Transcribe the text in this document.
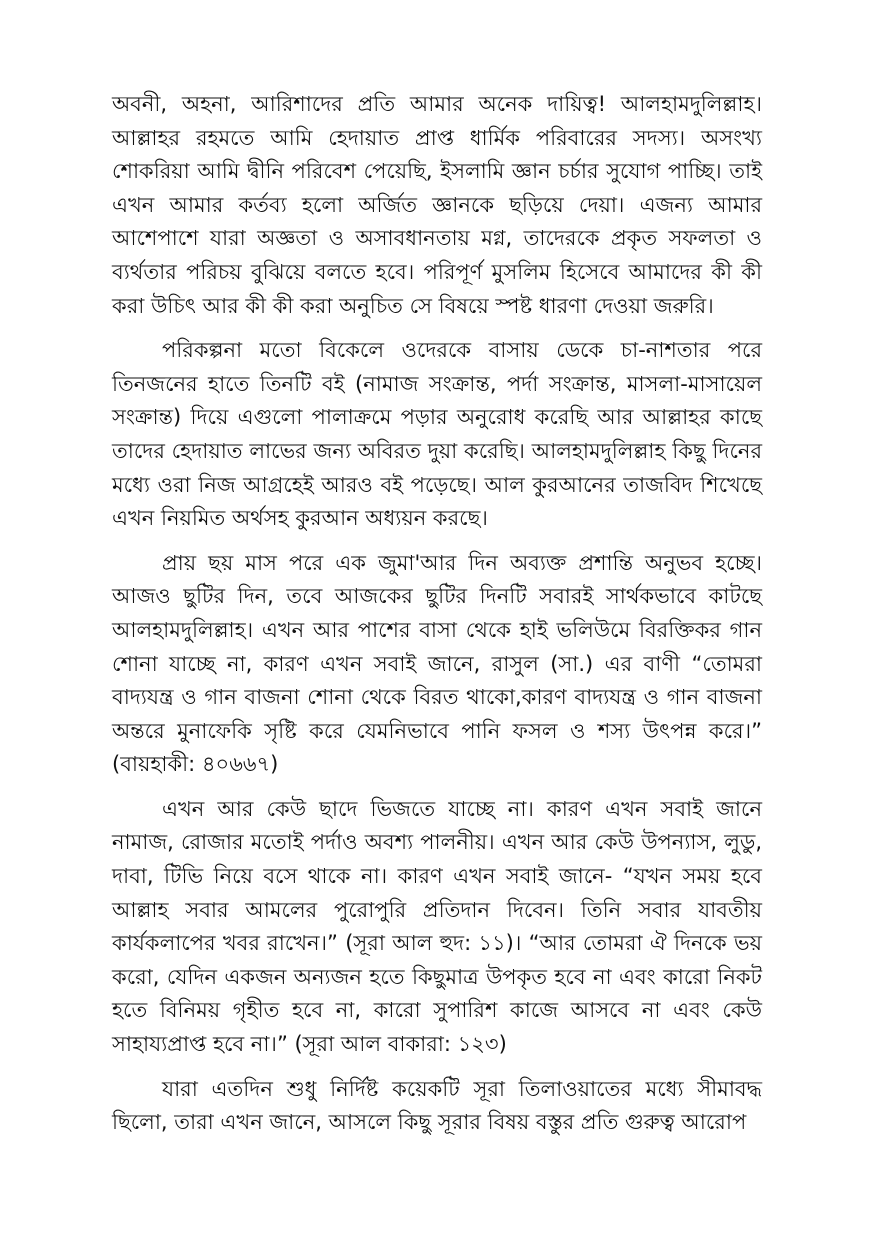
অবনী, অহনা, আরিশাদের প্রতি আমার অনেক দায়িত্ব! আলহামদুলিল্লাহ। আল্লাহর রহমতে আমি হেদায়াত প্রাপ্ত ধার্মিক পরিবারের সদস্য। অসংখ্য শোকরিয়া আমি দ্বীনি পরিবেশ পেয়েছি, ইসলামি জ্ঞান চর্চার সুযোগ পাচ্ছি। তাই এখন আমার কর্তব্য হলো অর্জিত জ্ঞানকে ছড়িয়ে দেয়া। এজন্য আমার আশেপাশে যারা অজ্ঞতা ও অসাবধানতায় মগ্ন, তাদেরকে প্রকৃত সফলতা ও ব্যর্থতার পরিচয় বুঝিয়ে বলতে হবে। পরিপূর্ণ মুসলিম হিসেবে আমাদের কী কী করা উচিৎ আর কী কী করা অনুচিত সে বিষয়ে স্পষ্ট ধারণা দেওয়া জরুরি।

পরিকল্পনা মতো বিকেলে ওদেরকে বাসায় ডেকে চা-নাশতার পরে তিনজনের হাতে তিনটি বই (নামাজ সংক্রান্ত, পর্দা সংক্রান্ত, মাসলা-মাসায়েল সংক্রান্ত) দিয়ে এগুলো পালাক্রমে পড়ার অনুরোধ করেছি আর আল্লাহর কাছে তাদের হেদায়াত লাভের জন্য অবিরত দুয়া করেছি। আলহামদুলিল্লাহ কিছু দিনের মধ্যে ওরা নিজ আগ্রহেই আরও বই পড়েছে। আল কুরআনের তাজবিদ শিখেছে এখন নিয়মিত অর্থসহ কুরআন অধ্যয়ন করছে।

প্রায় ছয় মাস পরে এক জুমা'আর দিন অব্যক্ত প্রশান্তি অনুভব হচ্ছে। আজও ছুটির দিন, তবে আজকের ছুটির দিনটি সবারই সার্থকভাবে কাটছে আলহামদুলিল্লাহ। এখন আর পাশের বাসা থেকে হাই ভলিউমে বিরক্তিকর গান শোনা যাচ্ছে না, কারণ এখন সবাই জানে, রাসুল (সা.) এর বাণী “তোমরা বাদ্যযন্ত্র ও গান বাজনা শোনা থেকে বিরত থাকো,কারণ বাদ্যযন্ত্র ও গান বাজনা অন্তরে মুনাফেকি সৃষ্টি করে যেমনিভাবে পানি ফসল ও শস্য উৎপন্ন করে।” (বায়হাকী: ৪০৬৬৭)

এখন আর কেউ ছাদে ভিজতে যাচ্ছে না। কারণ এখন সবাই জানে নামাজ, রোজার মতোই পর্দাও অবশ্য পালনীয়। এখন আর কেউ উপন্যাস, লুডু, দাবা, টিভি নিয়ে বসে থাকে না। কারণ এখন সবাই জানে- “যখন সময় হবে আল্লাহ সবার আমলের পুরোপুরি প্রতিদান দিবেন। তিনি সবার যাবতীয় কার্যকলাপের খবর রাখেন।” (সূরা আল হুদ: ১১)। “আর তোমরা ঐ দিনকে ভয় করো, যেদিন একজন অন্যজন হতে কিছুমাত্র উপকৃত হবে না এবং কারো নিকট হতে বিনিময় গৃহীত হবে না, কারো সুপারিশ কাজে আসবে না এবং কেউ সাহায্যপ্রাপ্ত হবে না।” (সূরা আল বাকারা: ১২৩)

যারা এতদিন শুধু নির্দিষ্ট কয়েকটি সূরা তিলাওয়াতের মধ্যে সীমাবদ্ধ ছিলো, তারা এখন জানে, আসলে কিছু সূরার বিষয় বস্তুর প্রতি গুরুত্ব আরোপ
